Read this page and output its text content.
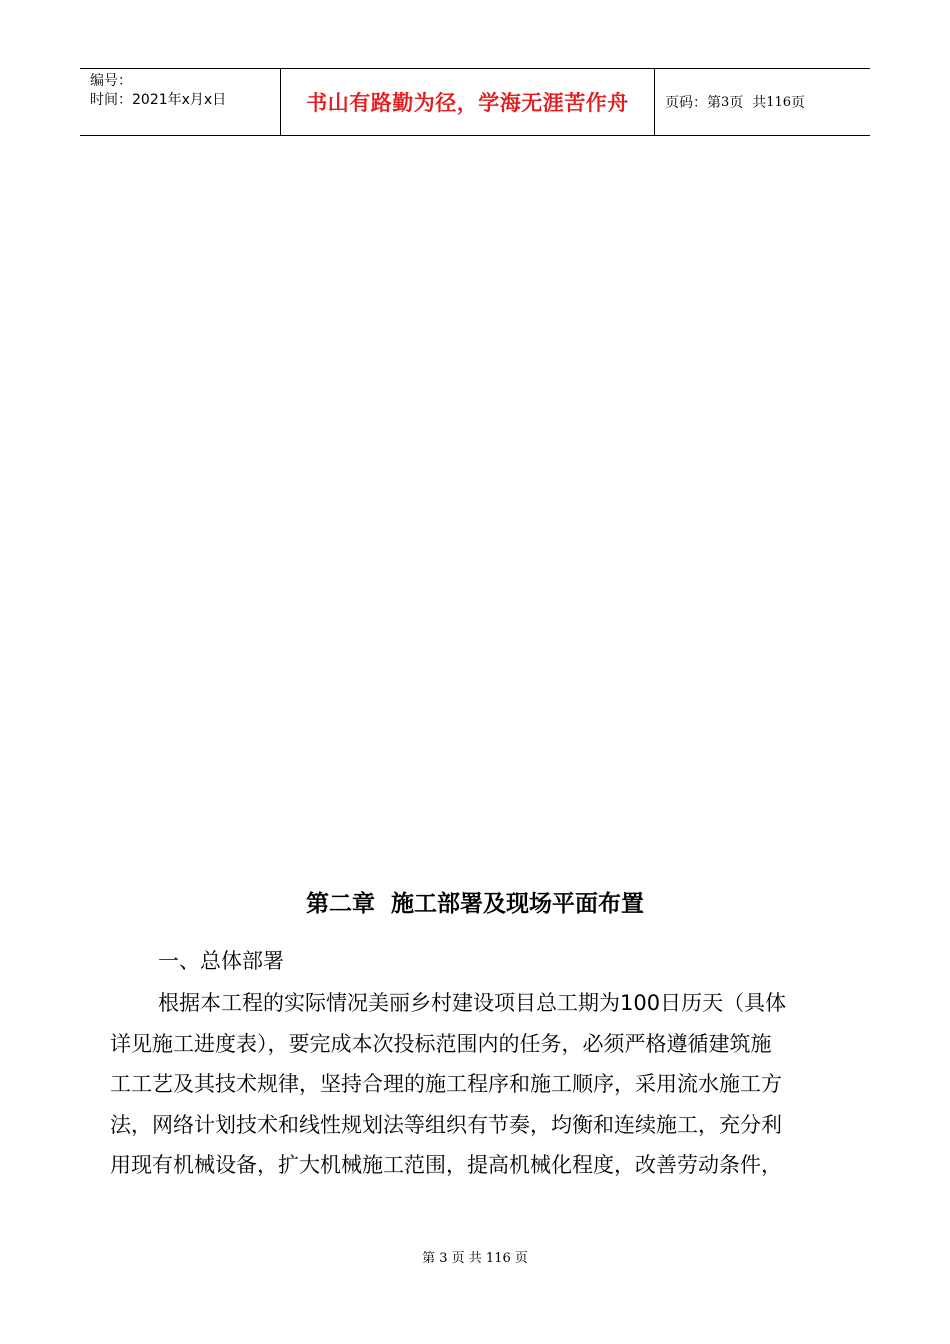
编号：
时间：2021年x月x日	书山有路勤为径，学海无涯苦作舟	页码：第 3 页  共 116 页
第二章  施工部署及现场平面布置
一、总体部署
根据本工程的实际情况美丽乡村建设项目总工期为100日历天（具体
详见施工进度表），要完成本次投标范围内的任务，必须严格遵循建筑施
工工艺及其技术规律，坚持合理的施工程序和施工顺序，采用流水施工方
法，网络计划技术和线性规划法等组织有节奏，均衡和连续施工，充分利
用现有机械设备，扩大机械施工范围，提高机械化程度，改善劳动条件，
第 3 页 共 116 页
